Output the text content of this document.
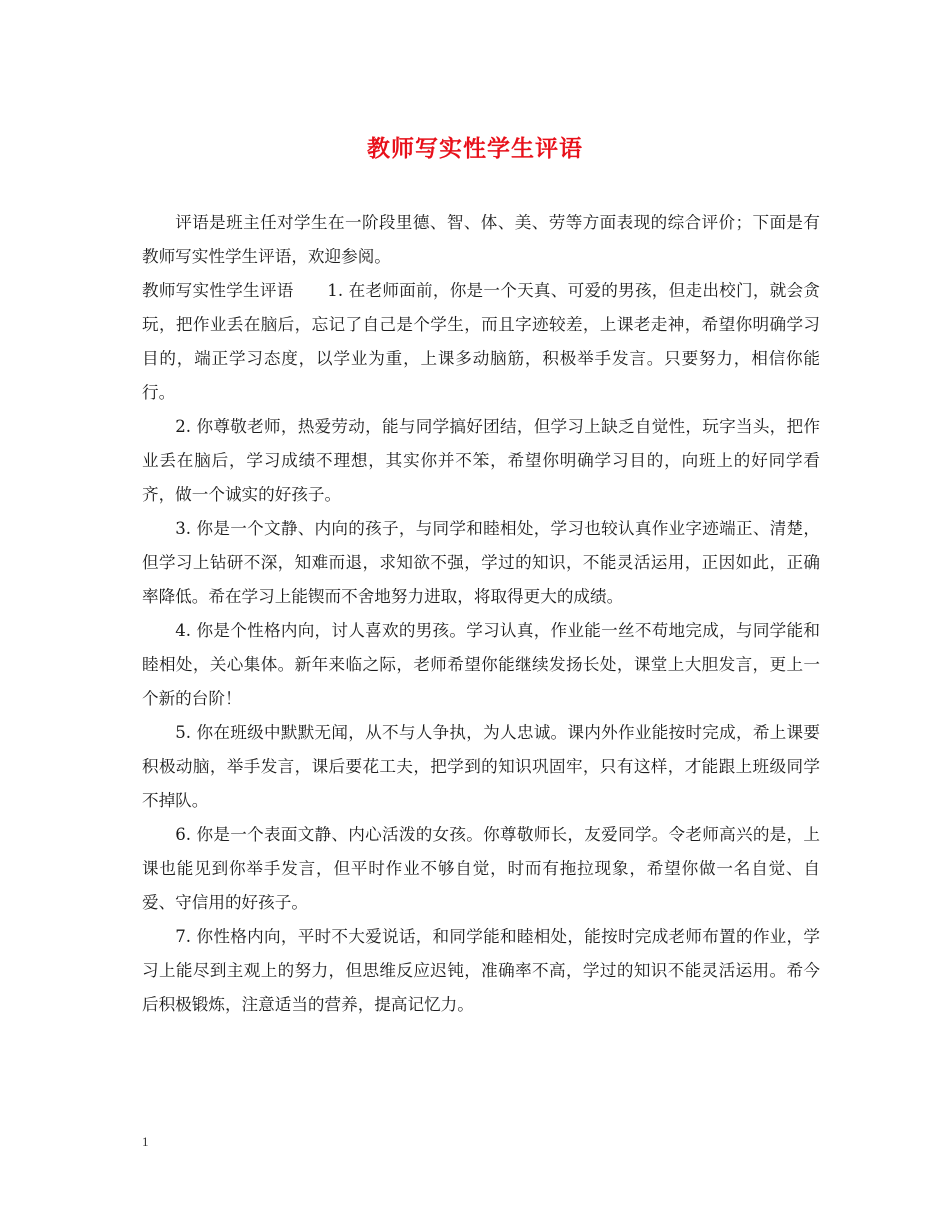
教师写实性学生评语

评语是班主任对学生在一阶段里德、智、体、美、劳等方面表现的综合评价；下面是有教师写实性学生评语，欢迎参阅。

教师写实性学生评语　　1. 在老师面前，你是一个天真、可爱的男孩，但走出校门，就会贪玩，把作业丢在脑后，忘记了自己是个学生，而且字迹较差，上课老走神，希望你明确学习目的，端正学习态度，以学业为重，上课多动脑筋，积极举手发言。只要努力，相信你能行。

2. 你尊敬老师，热爱劳动，能与同学搞好团结，但学习上缺乏自觉性，玩字当头，把作业丢在脑后，学习成绩不理想，其实你并不笨，希望你明确学习目的，向班上的好同学看齐，做一个诚实的好孩子。

3. 你是一个文静、内向的孩子，与同学和睦相处，学习也较认真作业字迹端正、清楚，但学习上钻研不深，知难而退，求知欲不强，学过的知识，不能灵活运用，正因如此，正确率降低。希在学习上能锲而不舍地努力进取，将取得更大的成绩。

4. 你是个性格内向，讨人喜欢的男孩。学习认真，作业能一丝不苟地完成，与同学能和睦相处，关心集体。新年来临之际，老师希望你能继续发扬长处，课堂上大胆发言，更上一个新的台阶！

5. 你在班级中默默无闻，从不与人争执，为人忠诚。课内外作业能按时完成，希上课要积极动脑，举手发言，课后要花工夫，把学到的知识巩固牢，只有这样，才能跟上班级同学不掉队。

6. 你是一个表面文静、内心活泼的女孩。你尊敬师长，友爱同学。令老师高兴的是，上课也能见到你举手发言，但平时作业不够自觉，时而有拖拉现象，希望你做一名自觉、自爱、守信用的好孩子。

7. 你性格内向，平时不大爱说话，和同学能和睦相处，能按时完成老师布置的作业，学习上能尽到主观上的努力，但思维反应迟钝，准确率不高，学过的知识不能灵活运用。希今后积极锻炼，注意适当的营养，提高记忆力。

1
